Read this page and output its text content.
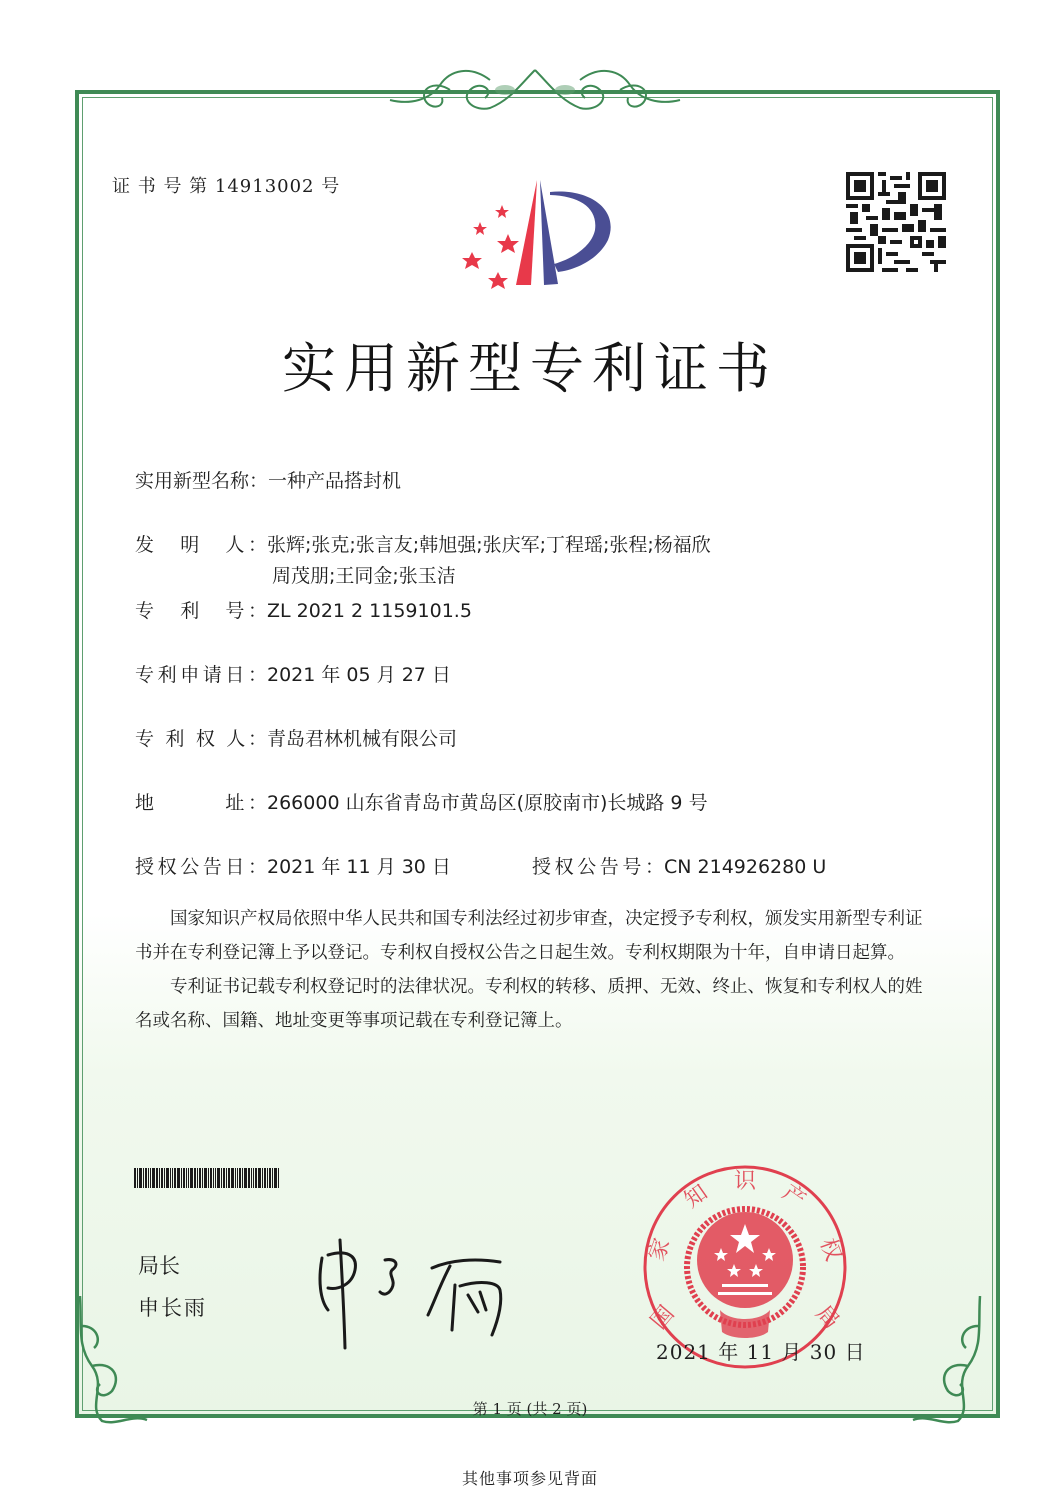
证 书 号 第 14913002 号
实用新型专利证书
实用新型名称：一种产品搭封机
发　明　人：张辉;张克;张言友;韩旭强;张庆军;丁程瑶;张程;杨福欣
周茂朋;王同金;张玉洁
专　利　号：ZL 2021 2 1159101.5
专利申请日：2021 年 05 月 27 日
专 利 权 人：青岛君林机械有限公司
地　　　址：266000 山东省青岛市黄岛区(原胶南市)长城路 9 号
授权公告日：2021 年 11 月 30 日	授权公告号：CN 214926280 U

国家知识产权局依照中华人民共和国专利法经过初步审查，决定授予专利权，颁发实用新型专利证书并在专利登记簿上予以登记。专利权自授权公告之日起生效。专利权期限为十年，自申请日起算。

专利证书记载专利权登记时的法律状况。专利权的转移、质押、无效、终止、恢复和专利权人的姓名或名称、国籍、地址变更等事项记载在专利登记簿上。

局长
申长雨	国
家
知 识 产
权
局
2021 年 11 月 30 日
第 1 页 (共 2 页)
其他事项参见背面
